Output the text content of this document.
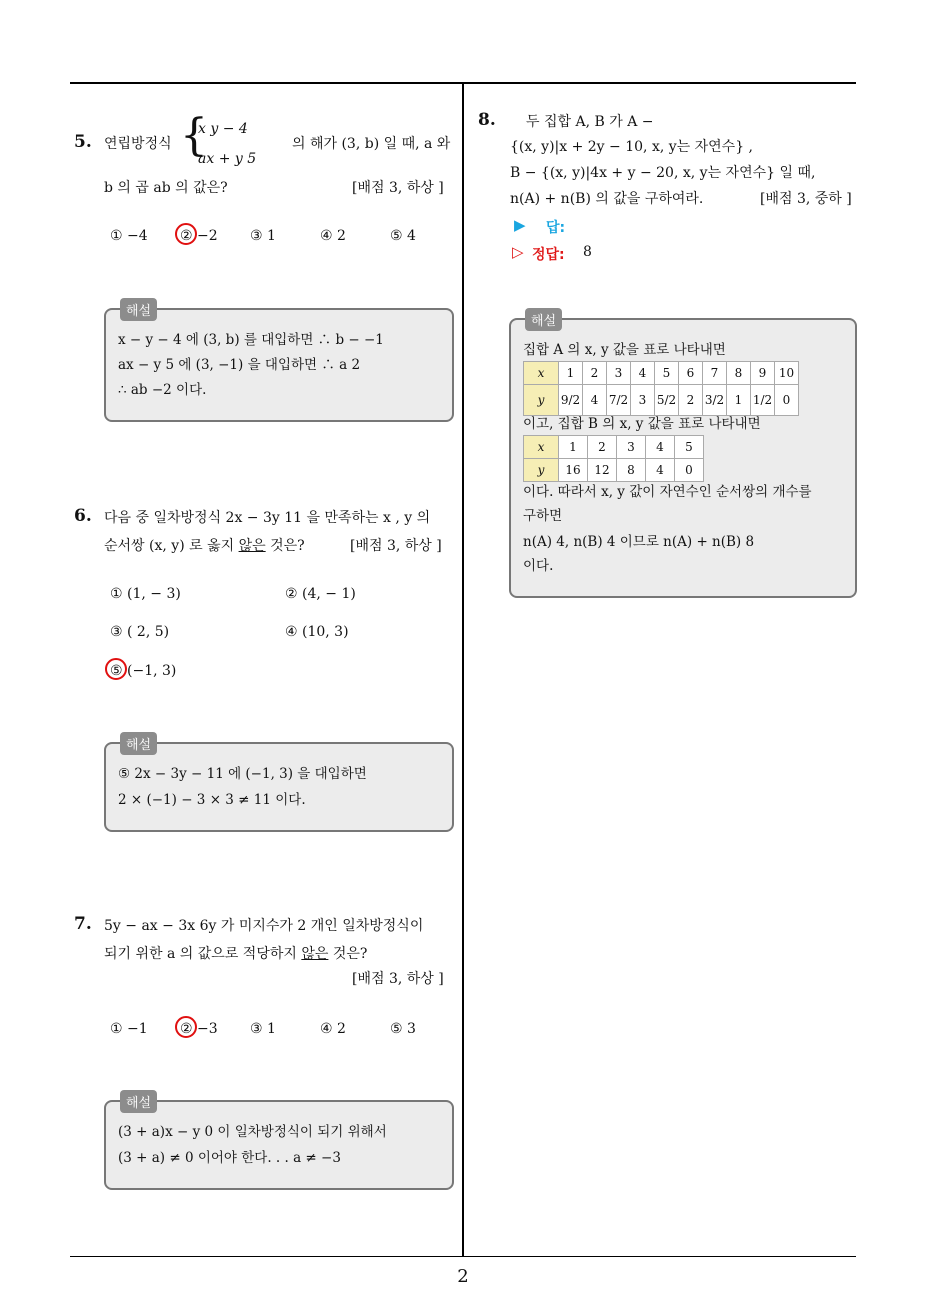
2
5. 연립방정식 {
x y − 4
ax + y 5
의 해가 (3, b) 일 때, a 와
b 의 곱 ab 의 값은?	[배점 3, 하상 ]
① −4 ② −2 ③ 1	④ 2	⑤ 4
해설
x − y − 4 에 (3, b) 를 대입하면 ∴ b − −1
ax − y 5 에 (3, −1) 을 대입하면 ∴ a 2
∴ ab −2 이다.
6. 다음 중 일차방정식 2x − 3y 11 을 만족하는 x , y 의
순서쌍 (x, y) 로 옳지 않은 것은?	[배점 3, 하상 ]
① (1, − 3)	② (4, − 1)
③ ( 2, 5)	④ (10, 3)
⑤ (−1, 3)
해설
⑤ 2x − 3y − 11 에 (−1, 3) 을 대입하면
2 × (−1) − 3 × 3 ≠ 11 이다.
7. 5y − ax − 3x 6y 가 미지수가 2 개인 일차방정식이
되기 위한 a 의 값으로 적당하지 않은 것은?
[배점 3, 하상 ]
① −1 ② −3 ③ 1	④ 2	⑤ 3
해설
(3 + a)x − y 0 이 일차방정식이 되기 위해서
(3 + a) ≠ 0 이어야 한다. . . a ≠ −3
8. 두 집합 A, B 가 A −
{(x, y)|x + 2y − 10, x, y는 자연수} ,
B − {(x, y)|4x + y − 20, x, y는 자연수} 일 때,
n(A) + n(B) 의 값을 구하여라.	[배점 3, 중하 ]
▶ 답:
▷ 정답: 8
해설
집합 A 의 x, y 값을 표로 나타내면
x	1	2	3	4	5	6	7	8	9	10
y	9/2	4	7/2	3	5/2	2	3/2	1	1/2	0
이고, 집합 B 의 x, y 값을 표로 나타내면
x	1	2	3	4	5
y	16	12	8	4	0
이다. 따라서 x, y 값이 자연수인 순서쌍의 개수를
구하면
n(A) 4, n(B) 4 이므로 n(A) + n(B) 8
이다.
